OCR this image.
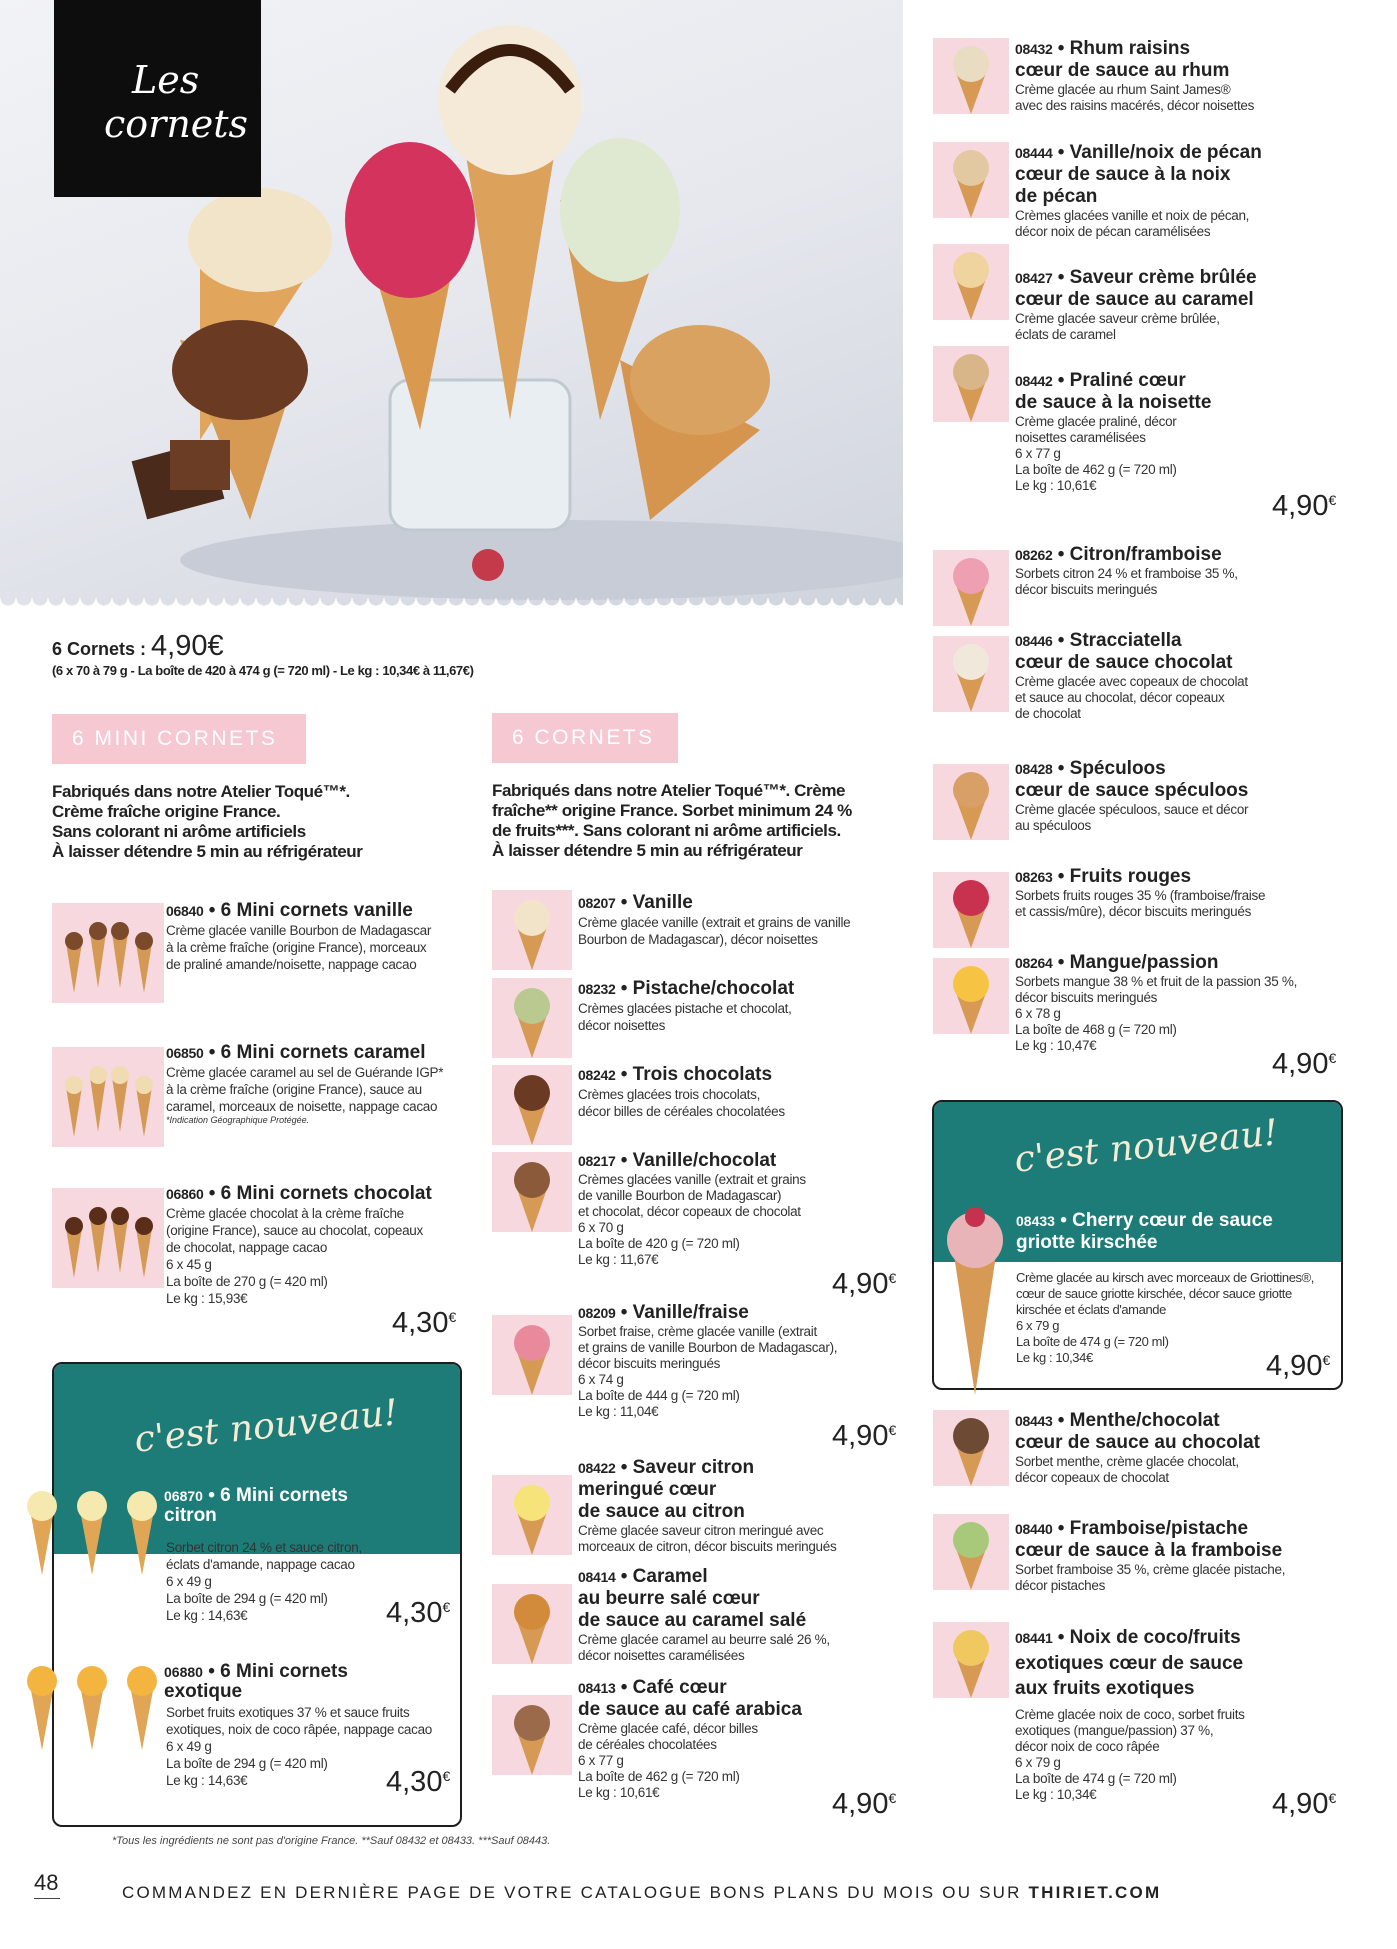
Les
cornets
6 Cornets : 4,90€
(6 x 70 à 79 g - La boîte de 420 à 474 g (= 720 ml) - Le kg : 10,34€ à 11,67€)
6 MINI CORNETS
Fabriqués dans notre Atelier Toqué™*.
Crème fraîche origine France.
Sans colorant ni arôme artificiels
À laisser détendre 5 min au réfrigérateur
06840 • 6 Mini cornets vanille
Crème glacée vanille Bourbon de Madagascar
à la crème fraîche (origine France), morceaux
de praliné amande/noisette, nappage cacao
06850 • 6 Mini cornets caramel
Crème glacée caramel au sel de Guérande IGP*
à la crème fraîche (origine France), sauce au
caramel, morceaux de noisette, nappage cacao
*Indication Géographique Protégée.
06860 • 6 Mini cornets chocolat
Crème glacée chocolat à la crème fraîche
(origine France), sauce au chocolat, copeaux
de chocolat, nappage cacao
6 x 45 g
La boîte de 270 g (= 420 ml)
Le kg : 15,93€
4,30€
c'est nouveau!
06870 • 6 Mini cornets
citron
Sorbet citron 24 % et sauce citron,
éclats d'amande, nappage cacao
6 x 49 g
La boîte de 294 g (= 420 ml)
Le kg : 14,63€	4,30€
06880 • 6 Mini cornets
exotique
Sorbet fruits exotiques 37 % et sauce fruits
exotiques, noix de coco râpée, nappage cacao
6 x 49 g
La boîte de 294 g (= 420 ml)
Le kg : 14,63€	4,30€
6 CORNETS
Fabriqués dans notre Atelier Toqué™*. Crème
fraîche** origine France. Sorbet minimum 24 %
de fruits***. Sans colorant ni arôme artificiels.
À laisser détendre 5 min au réfrigérateur
08207 • Vanille
Crème glacée vanille (extrait et grains de vanille
Bourbon de Madagascar), décor noisettes
08232 • Pistache/chocolat
Crèmes glacées pistache et chocolat,
décor noisettes
08242 • Trois chocolats
Crèmes glacées trois chocolats,
décor billes de céréales chocolatées
08217 • Vanille/chocolat
Crèmes glacées vanille (extrait et grains
de vanille Bourbon de Madagascar)
et chocolat, décor copeaux de chocolat
6 x 70 g
La boîte de 420 g (= 720 ml)
Le kg : 11,67€
4,90€
08209 • Vanille/fraise
Sorbet fraise, crème glacée vanille (extrait
et grains de vanille Bourbon de Madagascar),
décor biscuits meringués
6 x 74 g
La boîte de 444 g (= 720 ml)
Le kg : 11,04€
4,90€
08422 • Saveur citron
meringué cœur
de sauce au citron
Crème glacée saveur citron meringué avec
morceaux de citron, décor biscuits meringués
08414 • Caramel
au beurre salé cœur
de sauce au caramel salé
Crème glacée caramel au beurre salé 26 %,
décor noisettes caramélisées
08413 • Café cœur
de sauce au café arabica
Crème glacée café, décor billes
de céréales chocolatées
6 x 77 g
La boîte de 462 g (= 720 ml)
Le kg : 10,61€	4,90€
*Tous les ingrédients ne sont pas d'origine France. **Sauf 08432 et 08433. ***Sauf 08443.
08432 • Rhum raisins
cœur de sauce au rhum
Crème glacée au rhum Saint James®
avec des raisins macérés, décor noisettes
08444 • Vanille/noix de pécan
cœur de sauce à la noix
de pécan
Crèmes glacées vanille et noix de pécan,
décor noix de pécan caramélisées
08427 • Saveur crème brûlée
cœur de sauce au caramel
Crème glacée saveur crème brûlée,
éclats de caramel
08442 • Praliné cœur
de sauce à la noisette
Crème glacée praliné, décor
noisettes caramélisées
6 x 77 g
La boîte de 462 g (= 720 ml)
Le kg : 10,61€
4,90€
08262 • Citron/framboise
Sorbets citron 24 % et framboise 35 %,
décor biscuits meringués
08446 • Stracciatella
cœur de sauce chocolat
Crème glacée avec copeaux de chocolat
et sauce au chocolat, décor copeaux
de chocolat
08428 • Spéculoos
cœur de sauce spéculoos
Crème glacée spéculoos, sauce et décor
au spéculoos
08263 • Fruits rouges
Sorbets fruits rouges 35 % (framboise/fraise
et cassis/mûre), décor biscuits meringués
08264 • Mangue/passion
Sorbets mangue 38 % et fruit de la passion 35 %,
décor biscuits meringués
6 x 78 g
La boîte de 468 g (= 720 ml)
Le kg : 10,47€
4,90€
c'est nouveau!
08433 • Cherry cœur de sauce
griotte kirschée
Crème glacée au kirsch avec morceaux de Griottines®,
cœur de sauce griotte kirschée, décor sauce griotte
kirschée et éclats d'amande
6 x 79 g
La boîte de 474 g (= 720 ml)
Le kg : 10,34€	4,90€
08443 • Menthe/chocolat
cœur de sauce au chocolat
Sorbet menthe, crème glacée chocolat,
décor copeaux de chocolat
08440 • Framboise/pistache
cœur de sauce à la framboise
Sorbet framboise 35 %, crème glacée pistache,
décor pistaches
08441 • Noix de coco/fruits
exotiques cœur de sauce
aux fruits exotiques
Crème glacée noix de coco, sorbet fruits
exotiques (mangue/passion) 37 %,
décor noix de coco râpée
6 x 79 g
La boîte de 474 g (= 720 ml)
Le kg : 10,34€	4,90€
48	COMMANDEZ EN DERNIÈRE PAGE DE VOTRE CATALOGUE BONS PLANS DU MOIS OU SUR THIRIET.COM
